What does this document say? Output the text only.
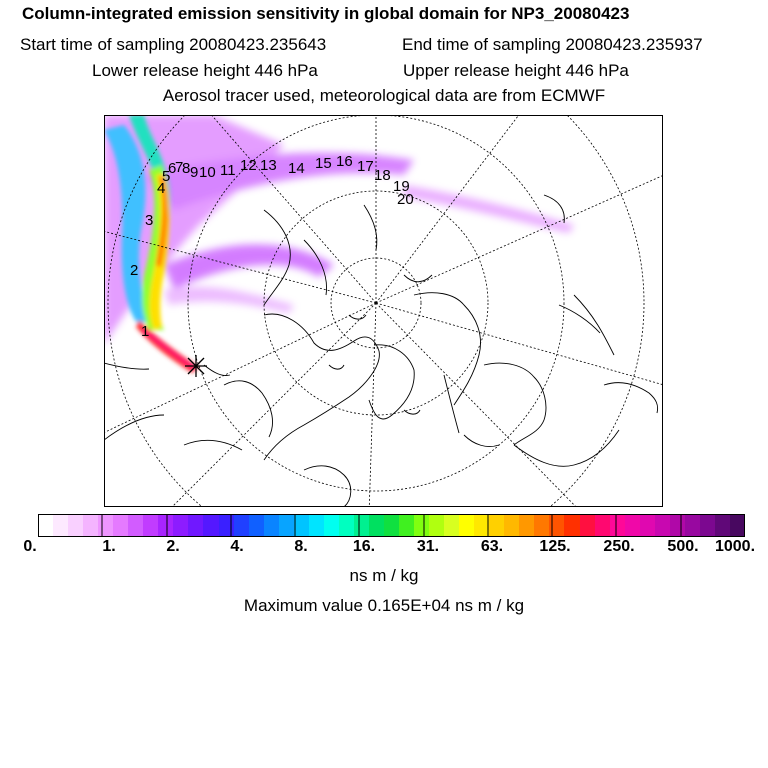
Column-integrated emission sensitivity in global domain for NP3_20080423
Start time of sampling 20080423.235643	End time of sampling 20080423.235937
Lower release height 446 hPa	Upper release height 446 hPa
Aerosol tracer used, meteorological data are from ECMWF
1
2
3
4
5
6
7
8 9 10 11 12 13 14 15 16 17
18
19
20
0.	1.	2.	4.	8.	16.	31.	63. 125. 250. 500. 1000.
ns m / kg
Maximum value 0.165E+04 ns m / kg
